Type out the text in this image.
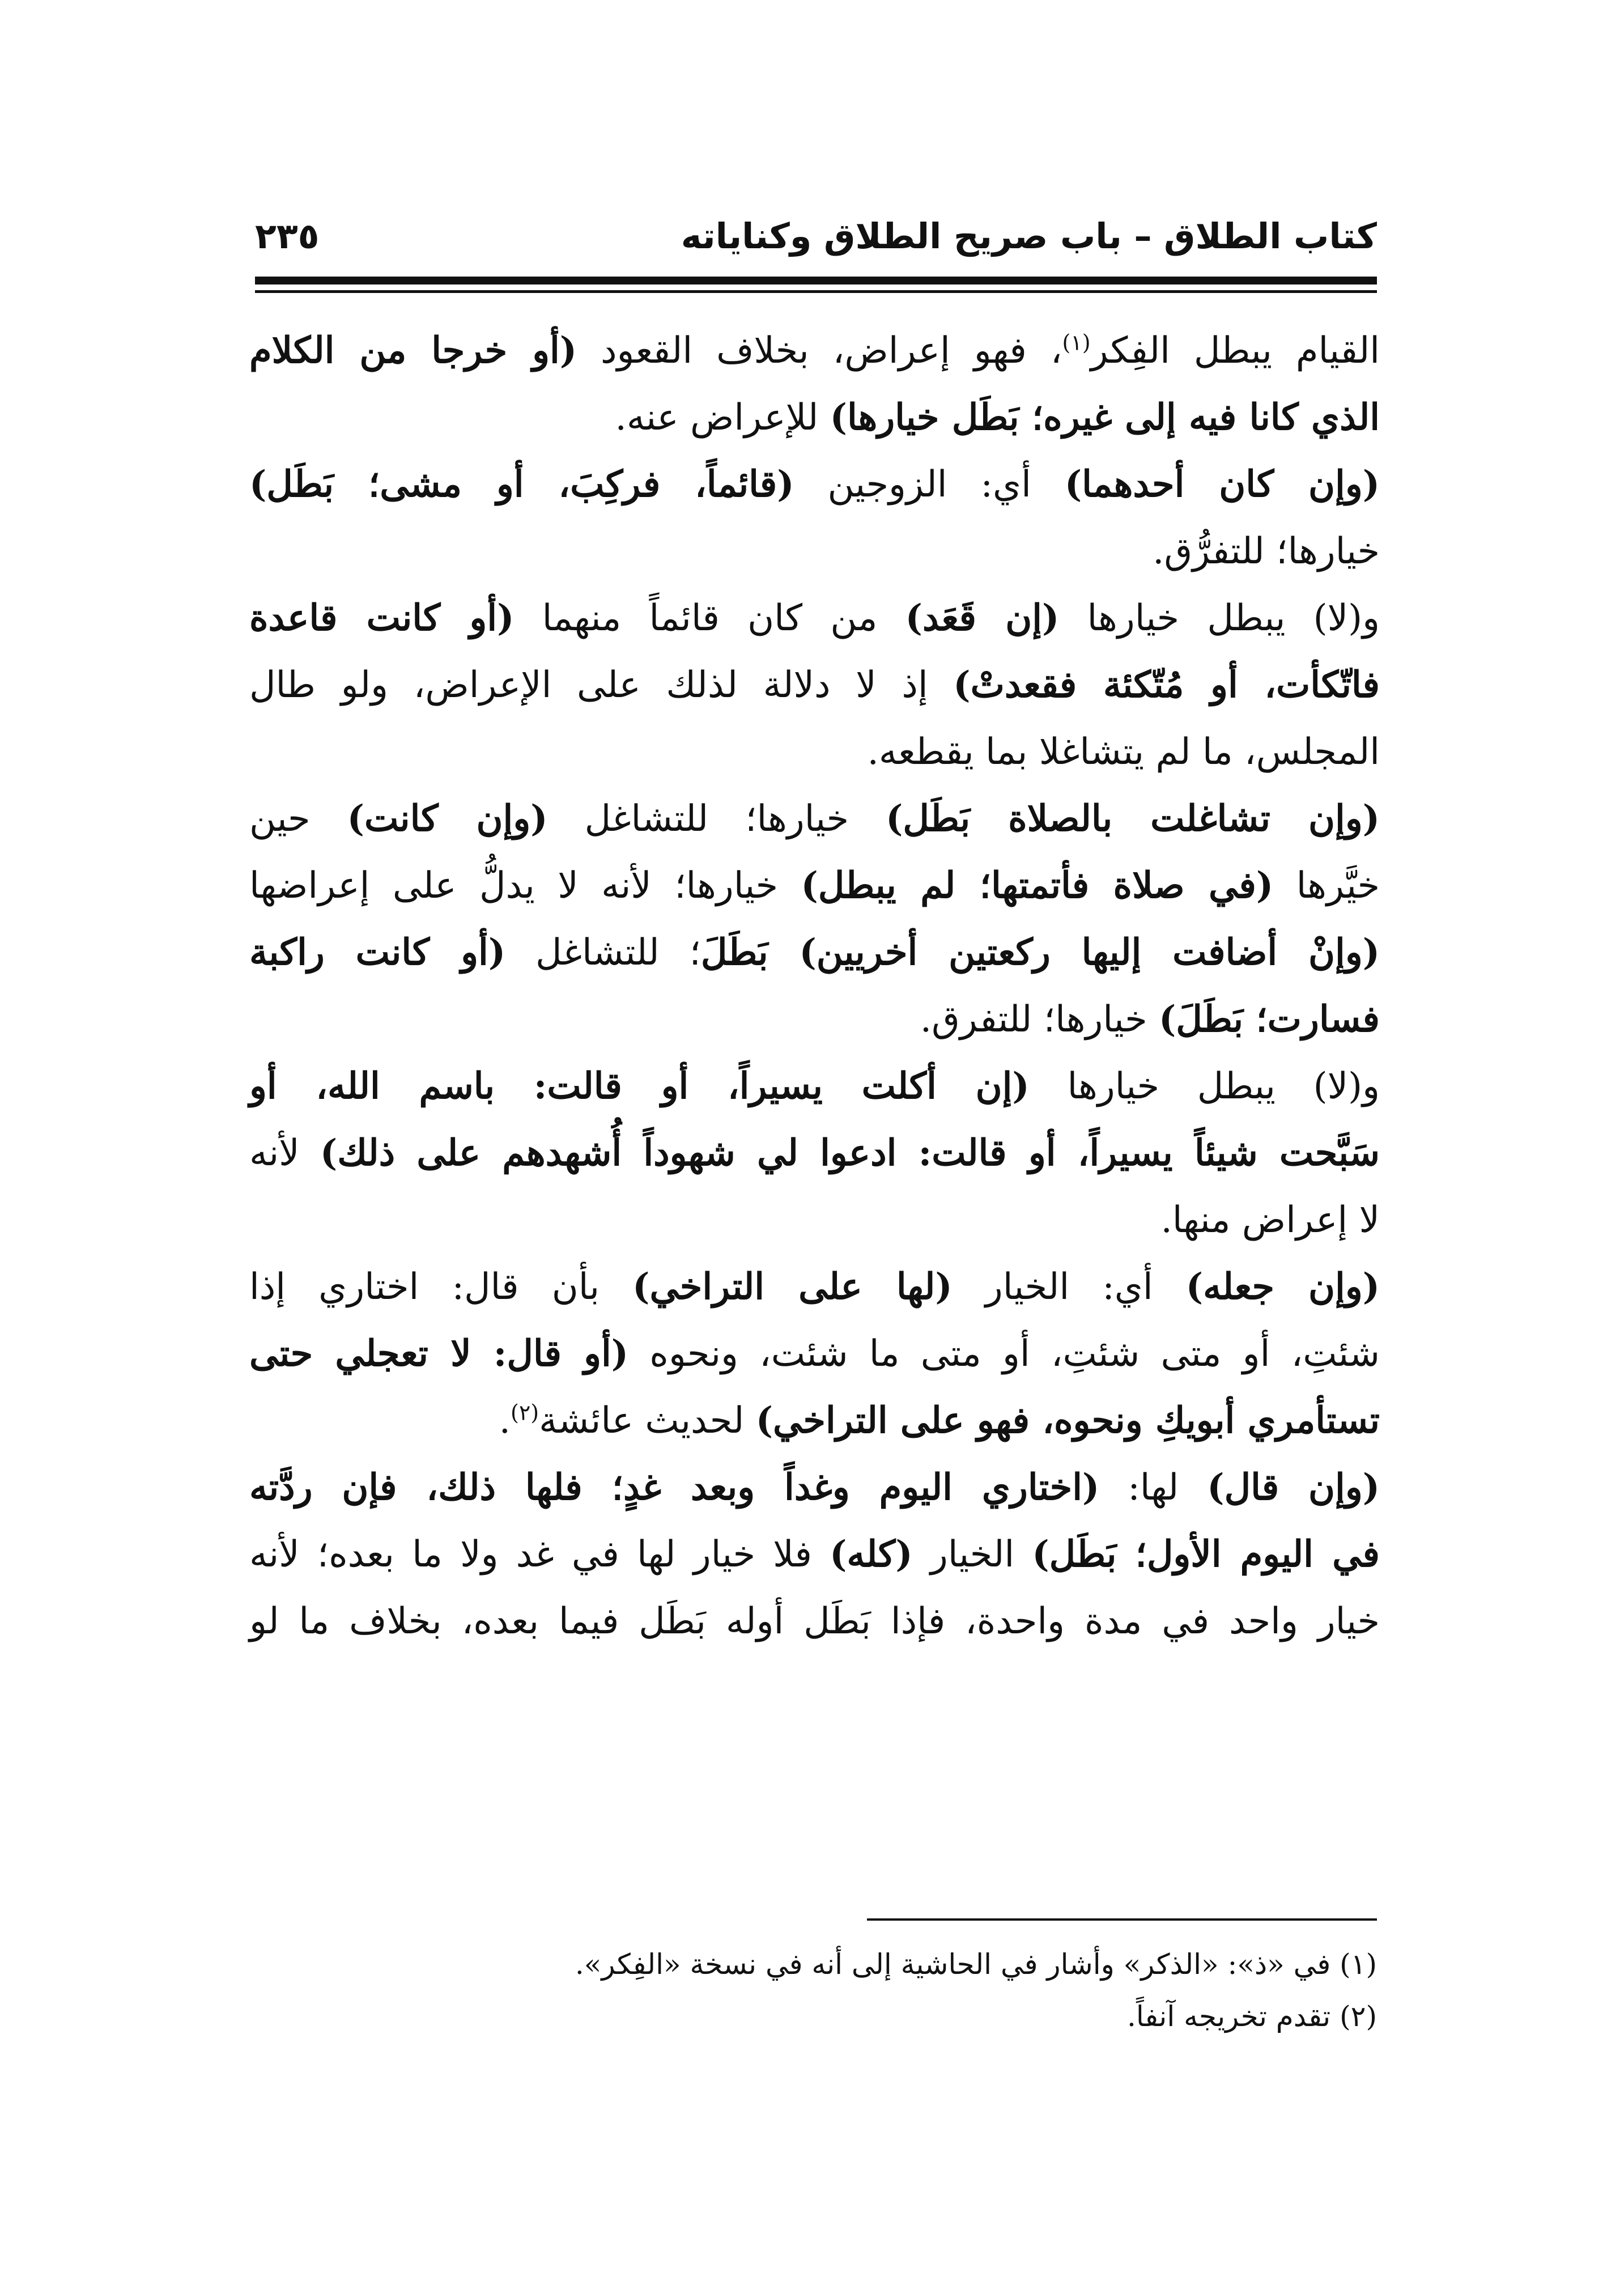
كتاب الطلاق – باب صريح الطلاق وكناياته
٢٣٥

القيام يبطل الفِكر$^{(١)}$، فهو إعراض، بخلاف القعود (أو خرجا من الكلام
الذي كانا فيه إلى غيره؛ بَطَل خيارها) للإعراض عنه.

(وإن كان أحدهما) أي: الزوجين (قائماً، فركِبَ، أو مشى؛ بَطَل)
خيارها؛ للتفرُّق.

و(لا) يبطل خيارها (إن قَعَد) من كان قائماً منهما (أو كانت قاعدة
فاتّكأت، أو مُتّكئة فقعدتْ) إذ لا دلالة لذلك على الإعراض، ولو طال
المجلس، ما لم يتشاغلا بما يقطعه.

(وإن تشاغلت بالصلاة بَطَل) خيارها؛ للتشاغل (وإن كانت) حين
خيَّرها (في صلاة فأتمتها؛ لم يبطل) خيارها؛ لأنه لا يدلُّ على إعراضها
(وإنْ أضافت إليها ركعتين أخريين) بَطَلَ؛ للتشاغل (أو كانت راكبة
فسارت؛ بَطَلَ) خيارها؛ للتفرق.

و(لا) يبطل خيارها (إن أكلت يسيراً، أو قالت: باسم الله، أو
سَبَّحت شيئاً يسيراً، أو قالت: ادعوا لي شهوداً أُشهدهم على ذلك) لأنه
لا إعراض منها.

(وإن جعله) أي: الخيار (لها على التراخي) بأن قال: اختاري إذا
شئتِ، أو متى شئتِ، أو متى ما شئت، ونحوه (أو قال: لا تعجلي حتى
تستأمري أبويكِ ونحوه، فهو على التراخي) لحديث عائشة$^{(٢)}$.

(وإن قال) لها: (اختاري اليوم وغداً وبعد غدٍ؛ فلها ذلك، فإن ردَّته
في اليوم الأول؛ بَطَل) الخيار (كله) فلا خيار لها في غد ولا ما بعده؛ لأنه
خيار واحد في مدة واحدة، فإذا بَطَل أوله بَطَل فيما بعده، بخلاف ما لو

(١) في «ذ»: «الذكر» وأشار في الحاشية إلى أنه في نسخة «الفِكر».

(٢) تقدم تخريجه آنفاً.
